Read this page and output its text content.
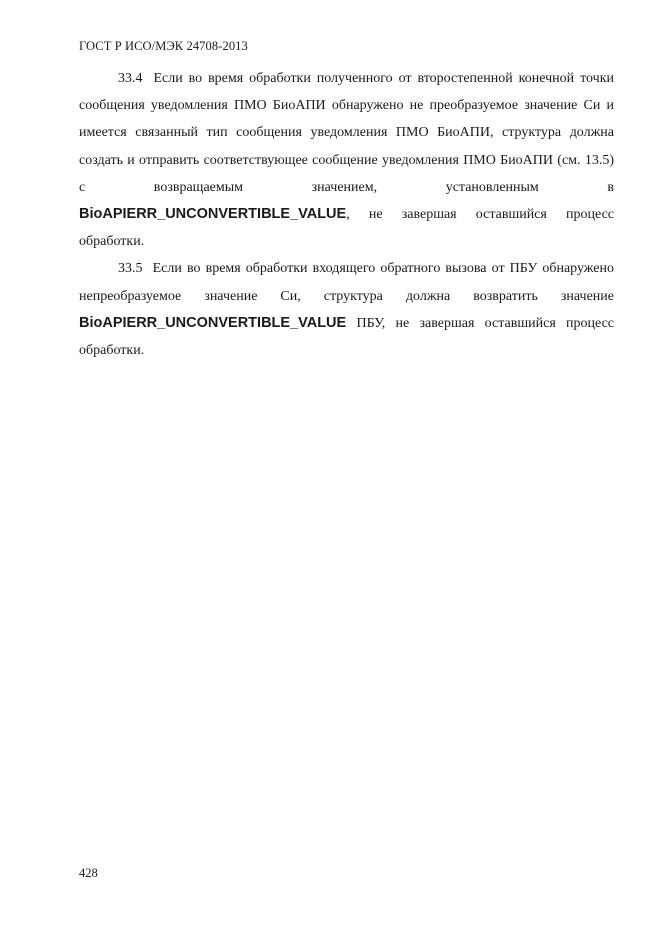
ГОСТ Р ИСО/МЭК 24708-2013

33.4 Если во время обработки полученного от второстепенной конечной точки сообщения уведомления ПМО БиоАПИ обнаружено не преобразуемое значение Си и имеется связанный тип сообщения уведомления ПМО БиоАПИ, структура должна создать и отправить соответствующее сообщение уведомления ПМО БиоАПИ (см. 13.5) с возвращаемым значением, установленным в BioAPIERR_UNCONVERTIBLE_VALUE, не завершая оставшийся процесс обработки.

33.5 Если во время обработки входящего обратного вызова от ПБУ обнаружено непреобразуемое значение Си, структура должна возвратить значение BioAPIERR_UNCONVERTIBLE_VALUE ПБУ, не завершая оставшийся процесс обработки.

428
